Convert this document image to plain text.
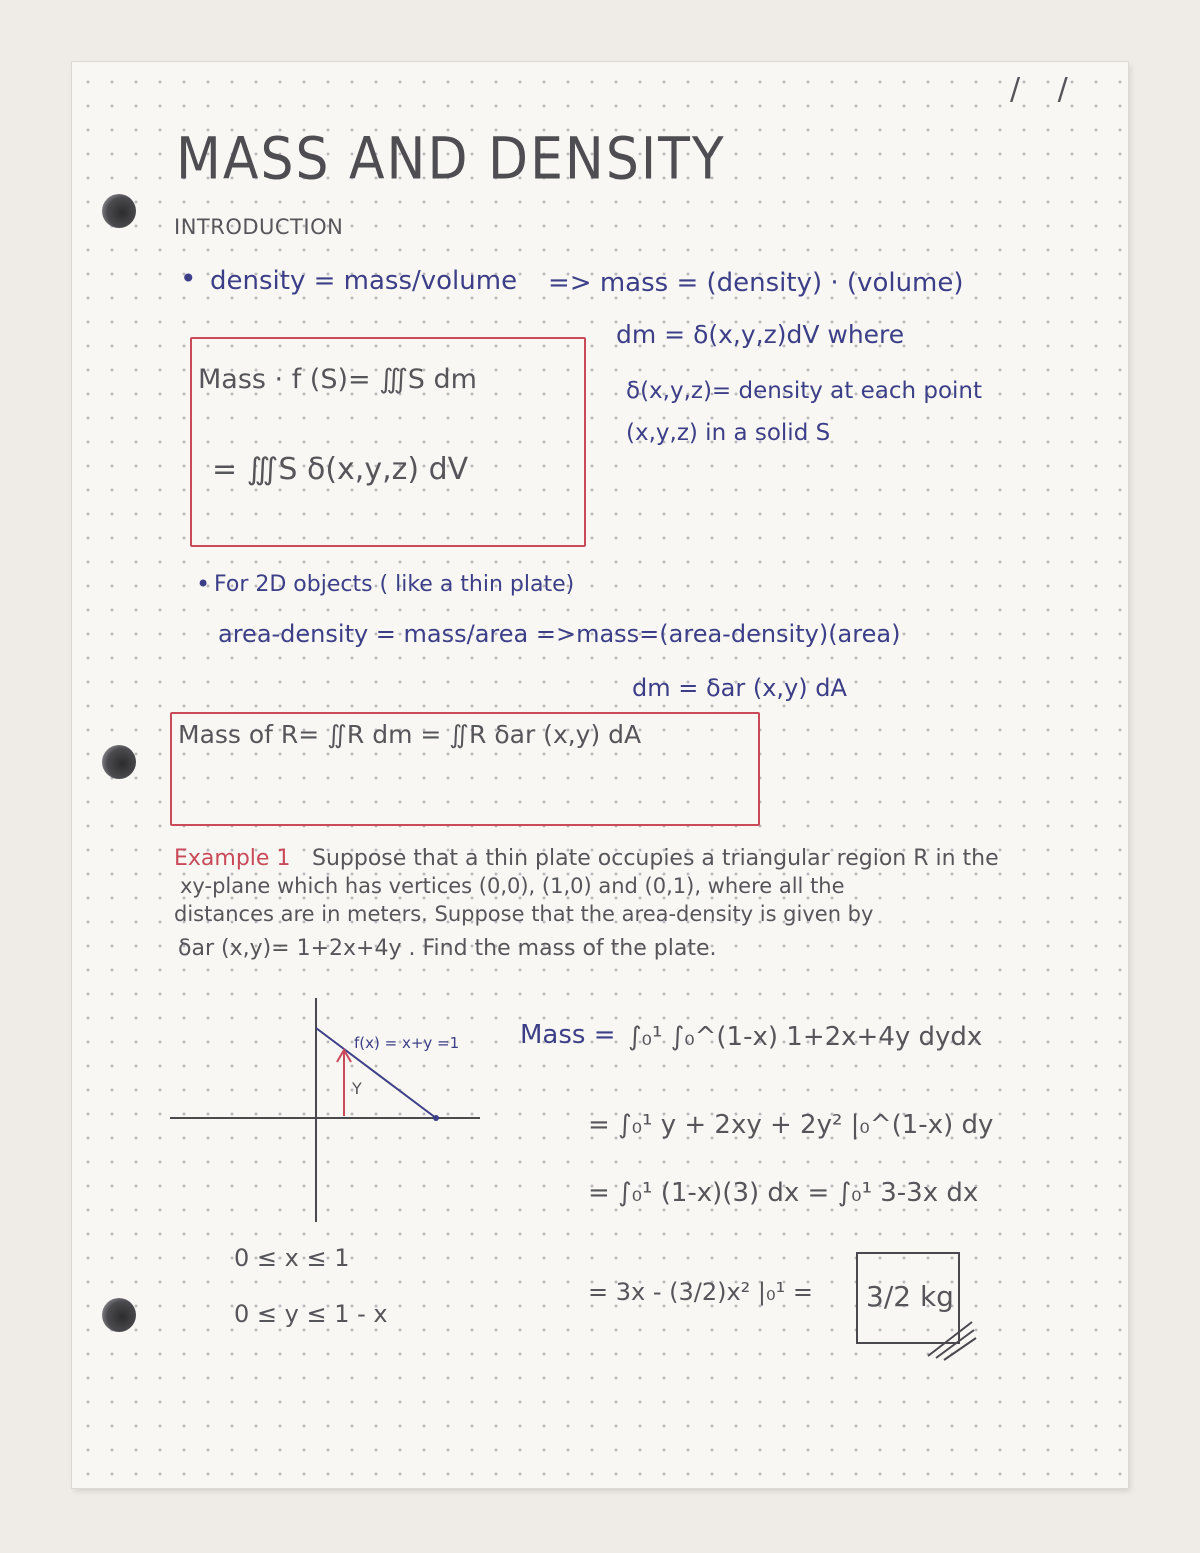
/ /
MASS AND DENSITY
INTRODUCTION
• density = mass/volume => mass = (density) · (volume)
dm = δ(x,y,z)dV where
δ(x,y,z)= density at each point
(x,y,z) in a solid S
Mass · f (S)= ∭S dm
= ∭S δ(x,y,z) dV
• For 2D objects ( like a thin plate)
area-density = mass/area =>mass=(area-density)(area)
dm = δar (x,y) dA
Mass of R= ∬R dm = ∬R δar (x,y) dA
Example 1 Suppose that a thin plate occupies a triangular region R in the
xy-plane which has vertices (0,0), (1,0) and (0,1), where all the
distances are in meters. Suppose that the area-density is given by
δar (x,y)= 1+2x+4y . Find the mass of the plate.
f(x) = x+y =1
Y
0 ≤ x ≤ 1
0 ≤ y ≤ 1 - x
Mass = ∫₀¹ ∫₀^(1-x) 1+2x+4y dydx
= ∫₀¹ y + 2xy + 2y² |₀^(1-x) dy
= ∫₀¹ (1-x)(3) dx = ∫₀¹ 3-3x dx
= 3x - (3/2)x² |₀¹ = 3/2 kg
